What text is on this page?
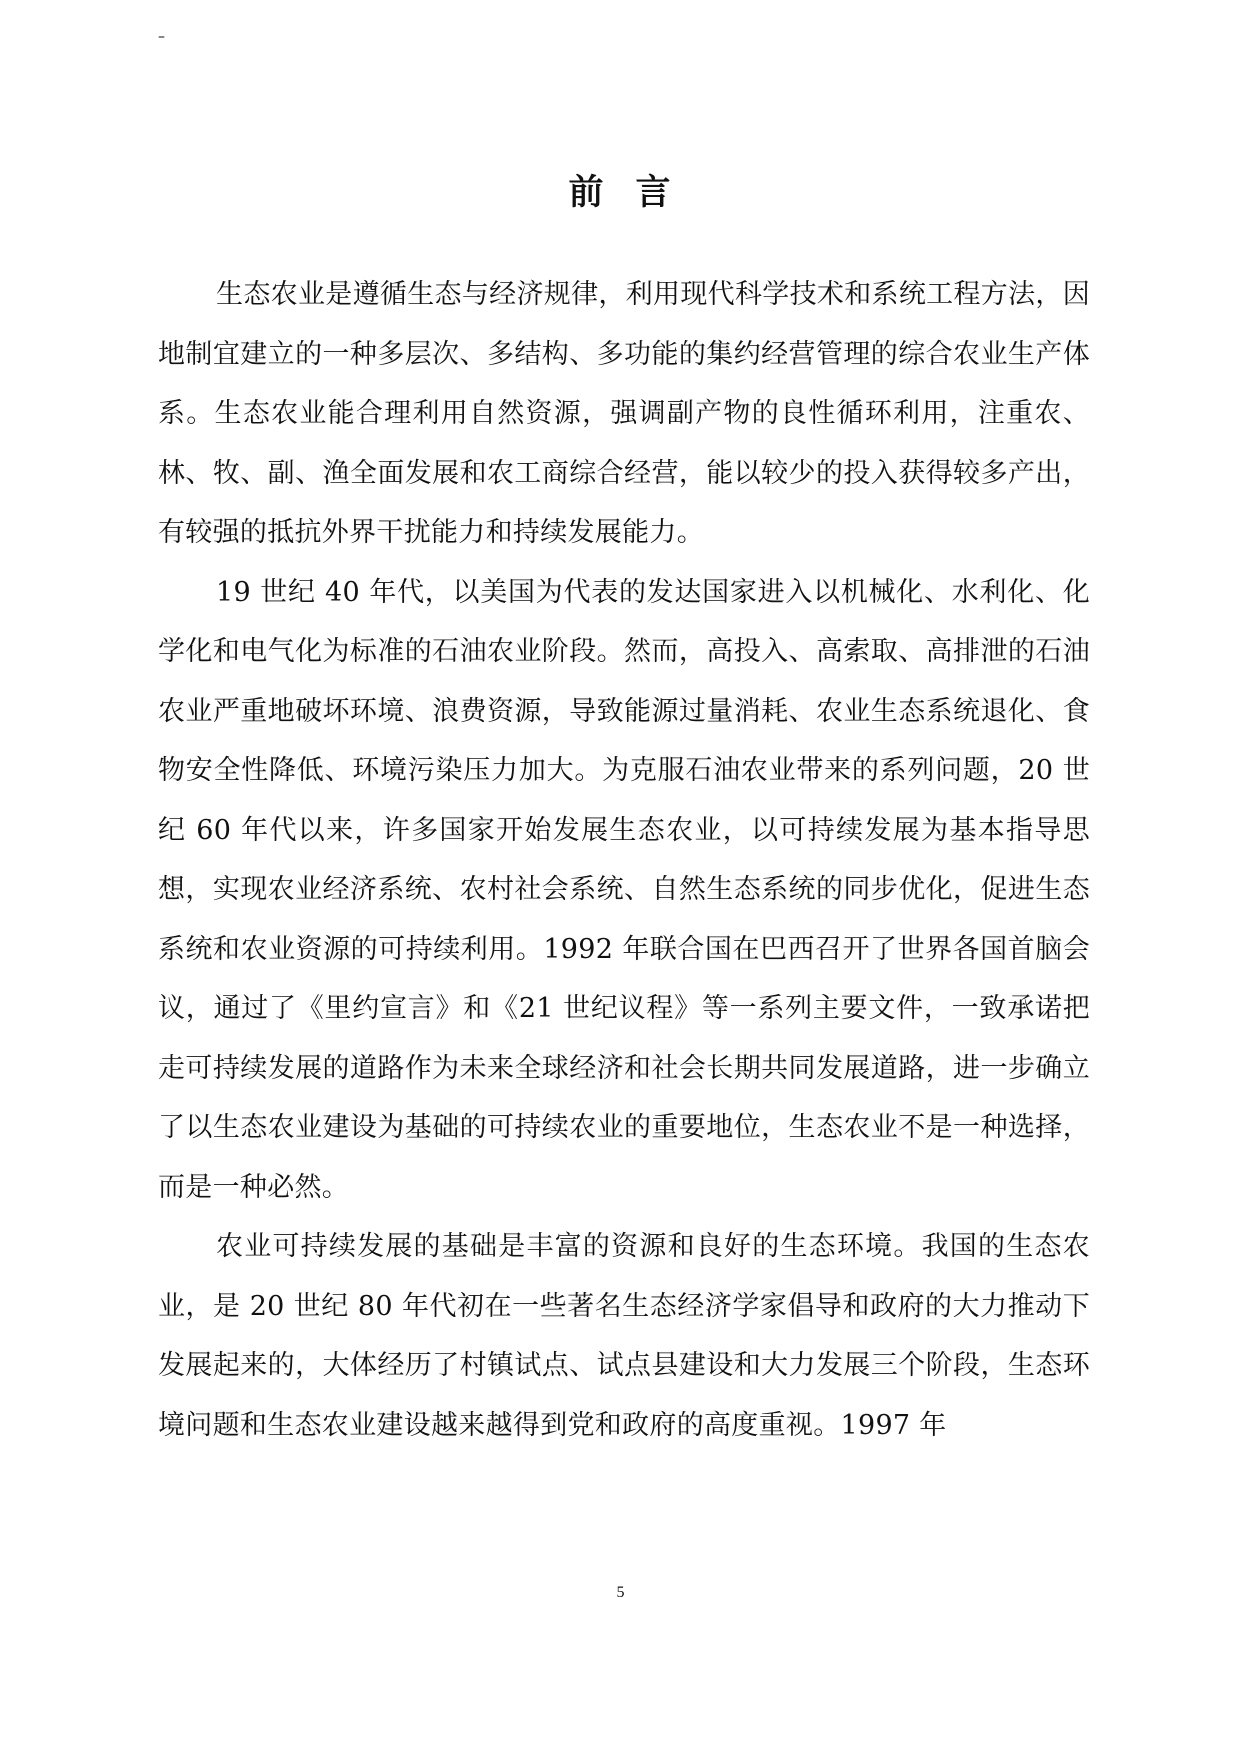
–
前 言

生态农业是遵循生态与经济规律，利用现代科学技术和系统工程方法，因地制宜建立的一种多层次、多结构、多功能的集约经营管理的综合农业生产体系。生态农业能合理利用自然资源，强调副产物的良性循环利用，注重农、林、牧、副、渔全面发展和农工商综合经营，能以较少的投入获得较多产出，有较强的抵抗外界干扰能力和持续发展能力。

19 世纪 40 年代，以美国为代表的发达国家进入以机械化、水利化、化学化和电气化为标准的石油农业阶段。然而，高投入、高索取、高排泄的石油农业严重地破坏环境、浪费资源，导致能源过量消耗、农业生态系统退化、食物安全性降低、环境污染压力加大。为克服石油农业带来的系列问题，20 世纪 60 年代以来，许多国家开始发展生态农业，以可持续发展为基本指导思想，实现农业经济系统、农村社会系统、自然生态系统的同步优化，促进生态系统和农业资源的可持续利用。1992 年联合国在巴西召开了世界各国首脑会议，通过了《里约宣言》和《21 世纪议程》等一系列主要文件，一致承诺把走可持续发展的道路作为未来全球经济和社会长期共同发展道路，进一步确立了以生态农业建设为基础的可持续农业的重要地位，生态农业不是一种选择，而是一种必然。

农业可持续发展的基础是丰富的资源和良好的生态环境。我国的生态农业，是 20 世纪 80 年代初在一些著名生态经济学家倡导和政府的大力推动下发展起来的，大体经历了村镇试点、试点县建设和大力发展三个阶段，生态环境问题和生态农业建设越来越得到党和政府的高度重视。1997 年

5
